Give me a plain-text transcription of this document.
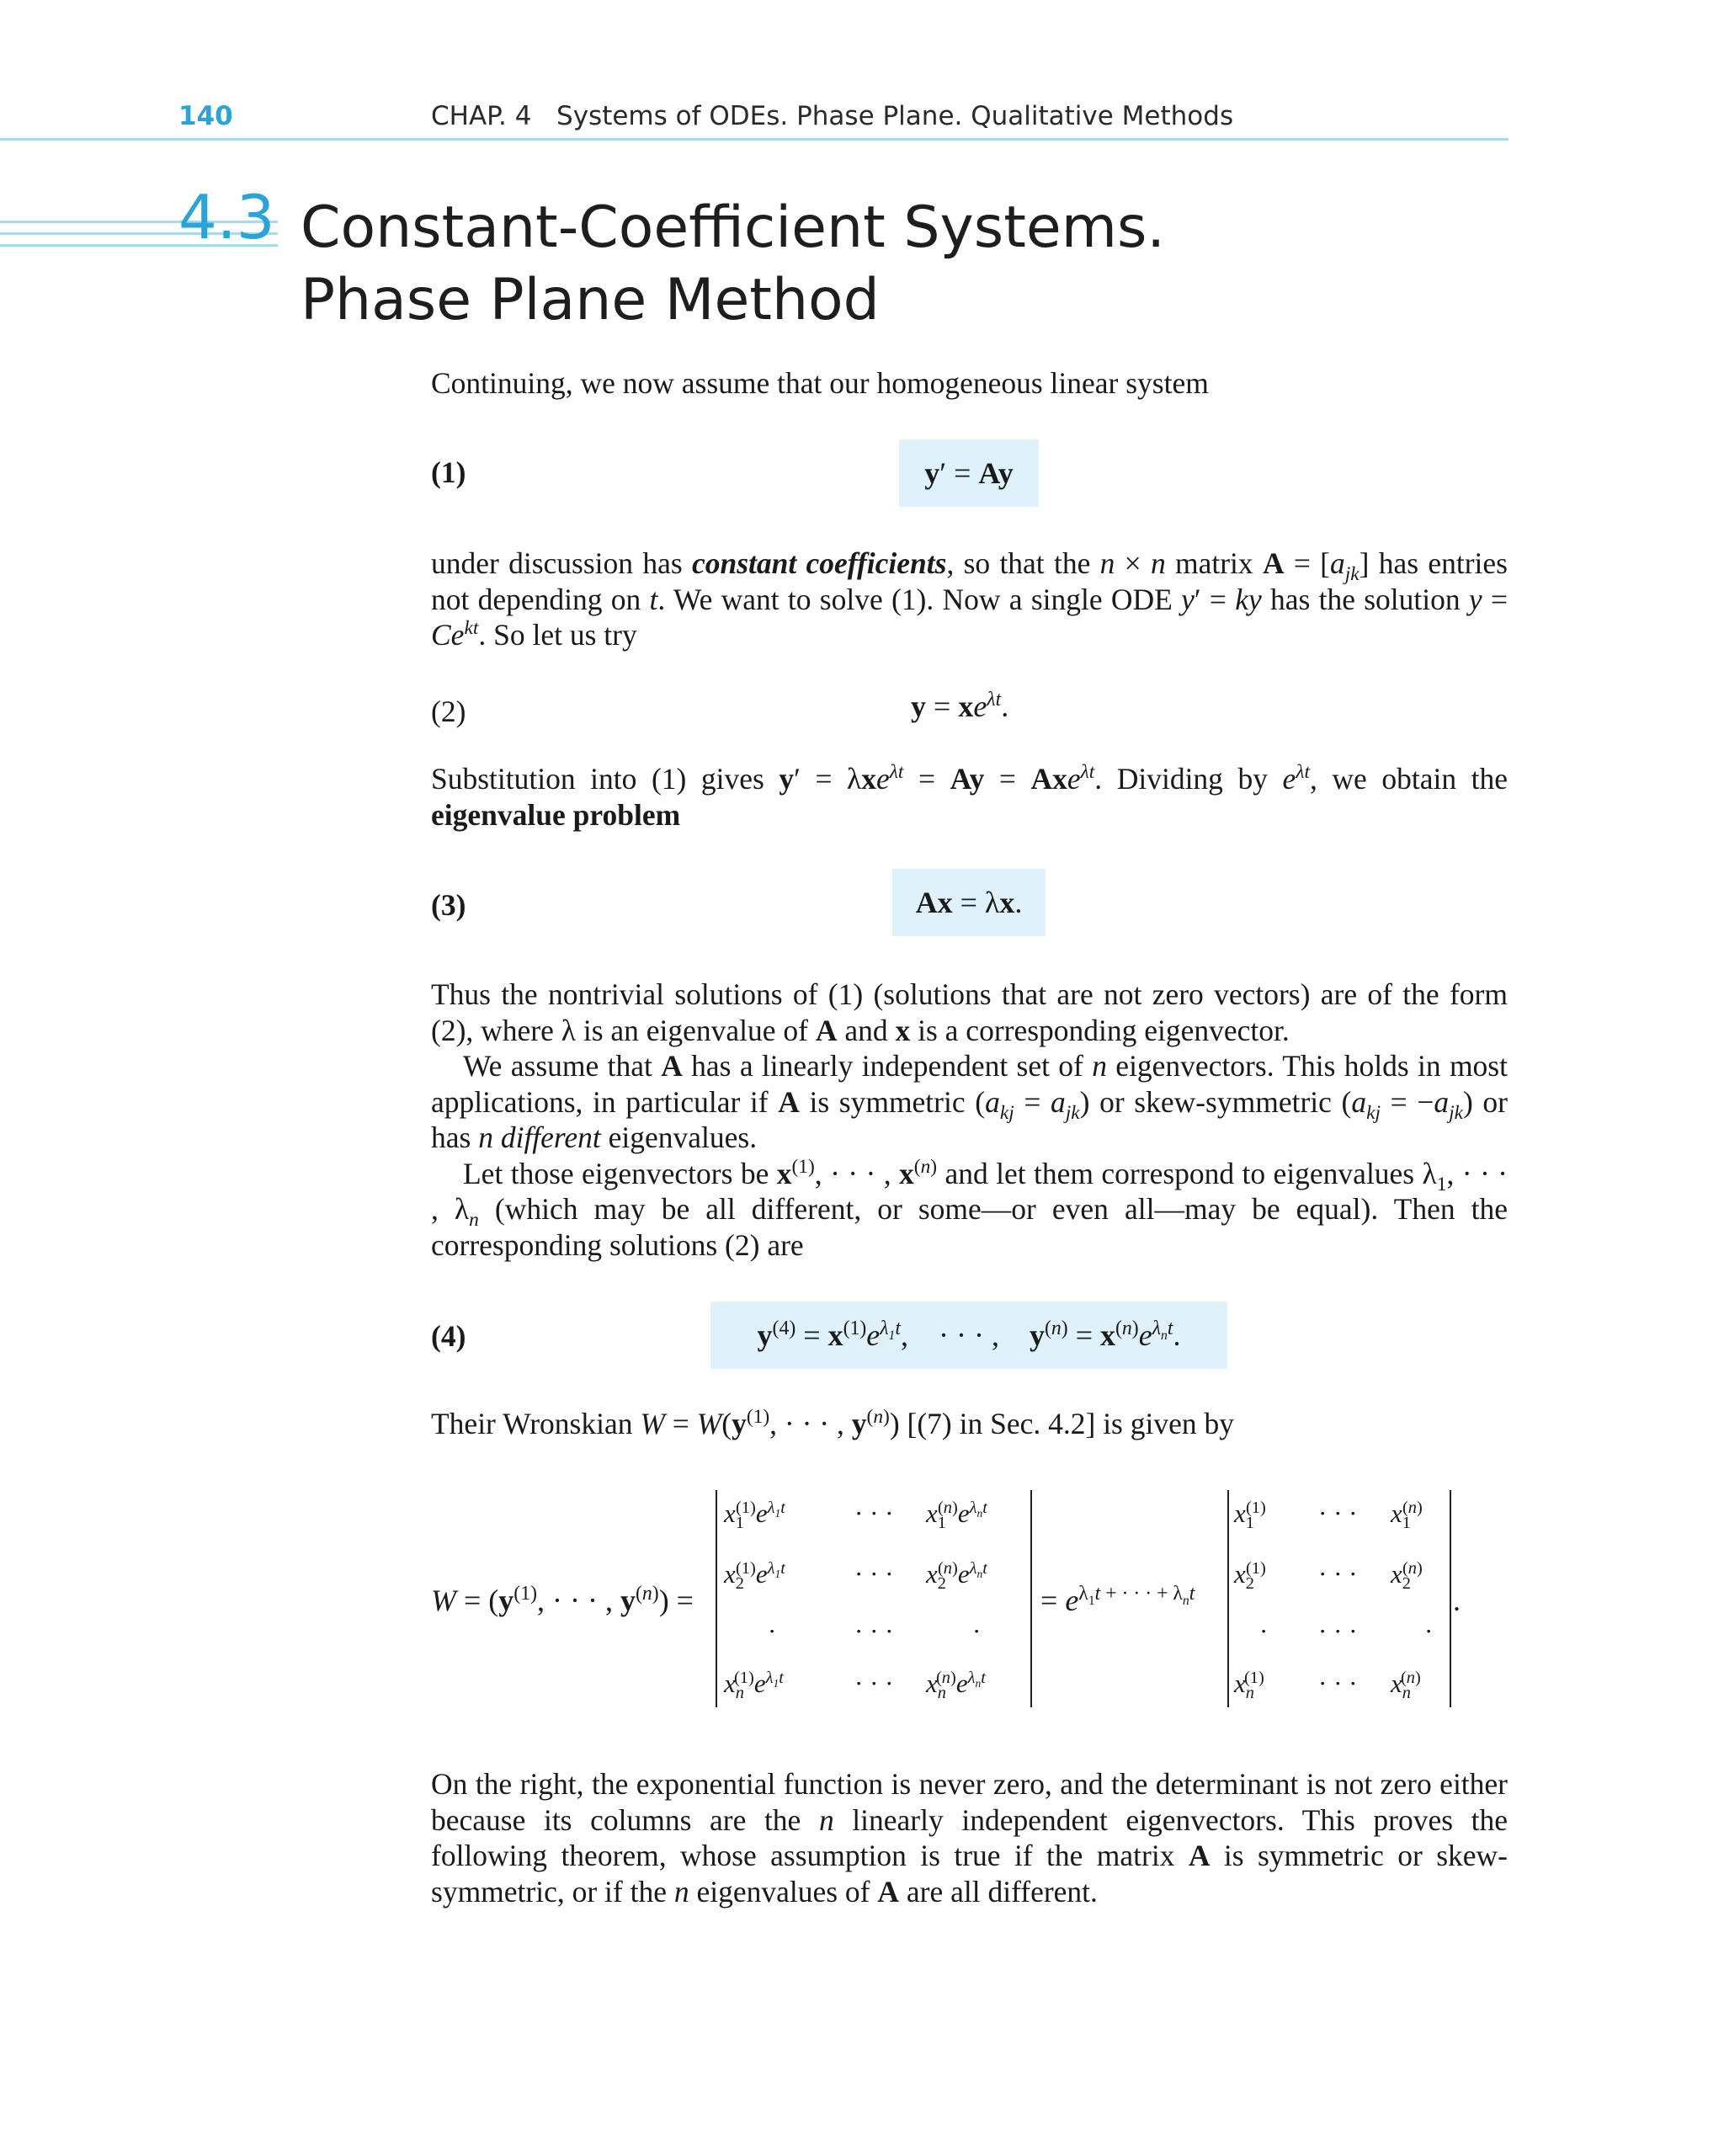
140	CHAP. 4   Systems of ODEs. Phase Plane. Qualitative Methods
4.3 Constant-Coefficient Systems.
Phase Plane Method

Continuing, we now assume that our homogeneous linear system

(1)	y ′ = Ay

under discussion has constant coefficients, so that the n × n matrix $A = [a_{jk}]$ has entries not depending on t. We want to solve (1). Now a single ODE y′ = ky has the solution $y = Ce^{kt}$. So let us try

(2)	$y = xe^{\lambda t}$.

Substitution into (1) gives y′ = λxe$^{\lambda t}$ = Ay = Axe$^{\lambda t}$. Dividing by $e^{\lambda t}$, we obtain the eigenvalue problem

(3)	Ax = λ x .
Thus the nontrivial solutions of (1) (solutions that are not zero vectors) are of the form (2), where λ is an eigenvalue of A and x is a corresponding eigenvector.
We assume that A has a linearly independent set of n eigenvectors. This holds in most applications, in particular if A is symmetric $(a_{kj} = a_{jk})$ or skew-symmetric $(a_{kj} = -a_{jk})$ or has n different eigenvalues.
Let those eigenvectors be $x^{(1)}$, · · · , $x^{(n)}$ and let them correspond to eigenvalues $\lambda_1$, · · · , $\lambda_n$ (which may be all different, or some—or even all—may be equal). Then the corresponding solutions (2) are
(4)	$y^{(4)} = x^{(1)}e^{\lambda_1t}$,    · · · ,    $y^{(n)} = x^{(n)}e^{\lambda_nt}$.

Their Wronskian $W = W(y^{(1)}$, · · · , $y^{(n)}$) [(7) in Sec. 4.2] is given by

$W = (y^{(1)}$, · · · , $y^{(n)}$) =
$x_1^{(1)}e^{\lambda_1t}$	· · · $x_1^{(n)}e^{\lambda_nt}$
$x_2^{(1)}e^{\lambda_1t}$	· · · $x_2^{(n)}e^{\lambda_nt}$
·	· · ·	·
$x_n^{(1)}e^{\lambda_1t}$	· · · $x_n^{(n)}e^{\lambda_nt}$
= $e^{\lambda_1t + \cdot \cdot \cdot + \lambda_nt}$
$x_1^{(1)}$ · · · $x_1^{(n)}$
$x_2^{(1)}$ · · · $x_2^{(n)}$
· · · ·	·
$x_n^{(1)}$ · · · $x_n^{(n)}$
.

On the right, the exponential function is never zero, and the determinant is not zero either because its columns are the n linearly independent eigenvectors. This proves the following theorem, whose assumption is true if the matrix A is symmetric or skew-symmetric, or if the n eigenvalues of A are all different.
